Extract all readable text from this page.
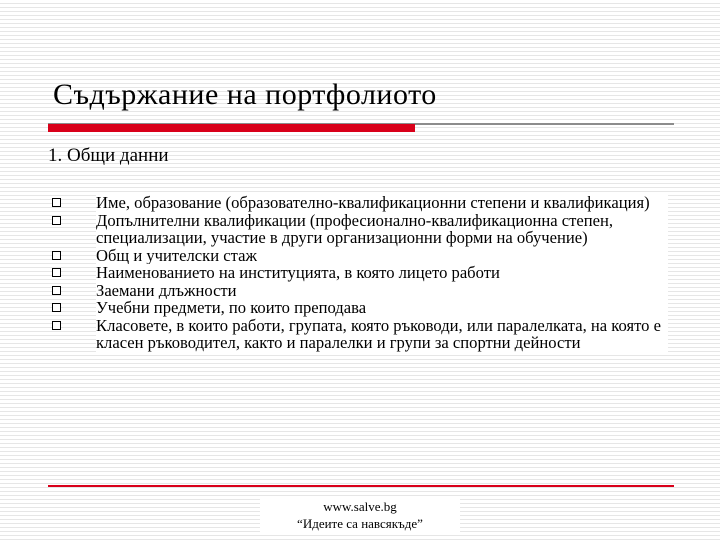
Съдържание на портфолиото
1. Общи данни
Име, образование (образователно-квалификационни степени и квалификация)
Допълнителни квалификации (професионално-квалификационна степен, специализации, участие в други организационни форми на обучение)
Общ и учителски стаж
Наименованието на институцията, в която лицето работи
Заемани длъжности
Учебни предмети, по които преподава
Класовете, в които работи, групата, която ръководи, или паралелката, на която е класен ръководител, както и паралелки и групи за спортни дейности
www.salve.bg
“Идеите са навсякъде”
